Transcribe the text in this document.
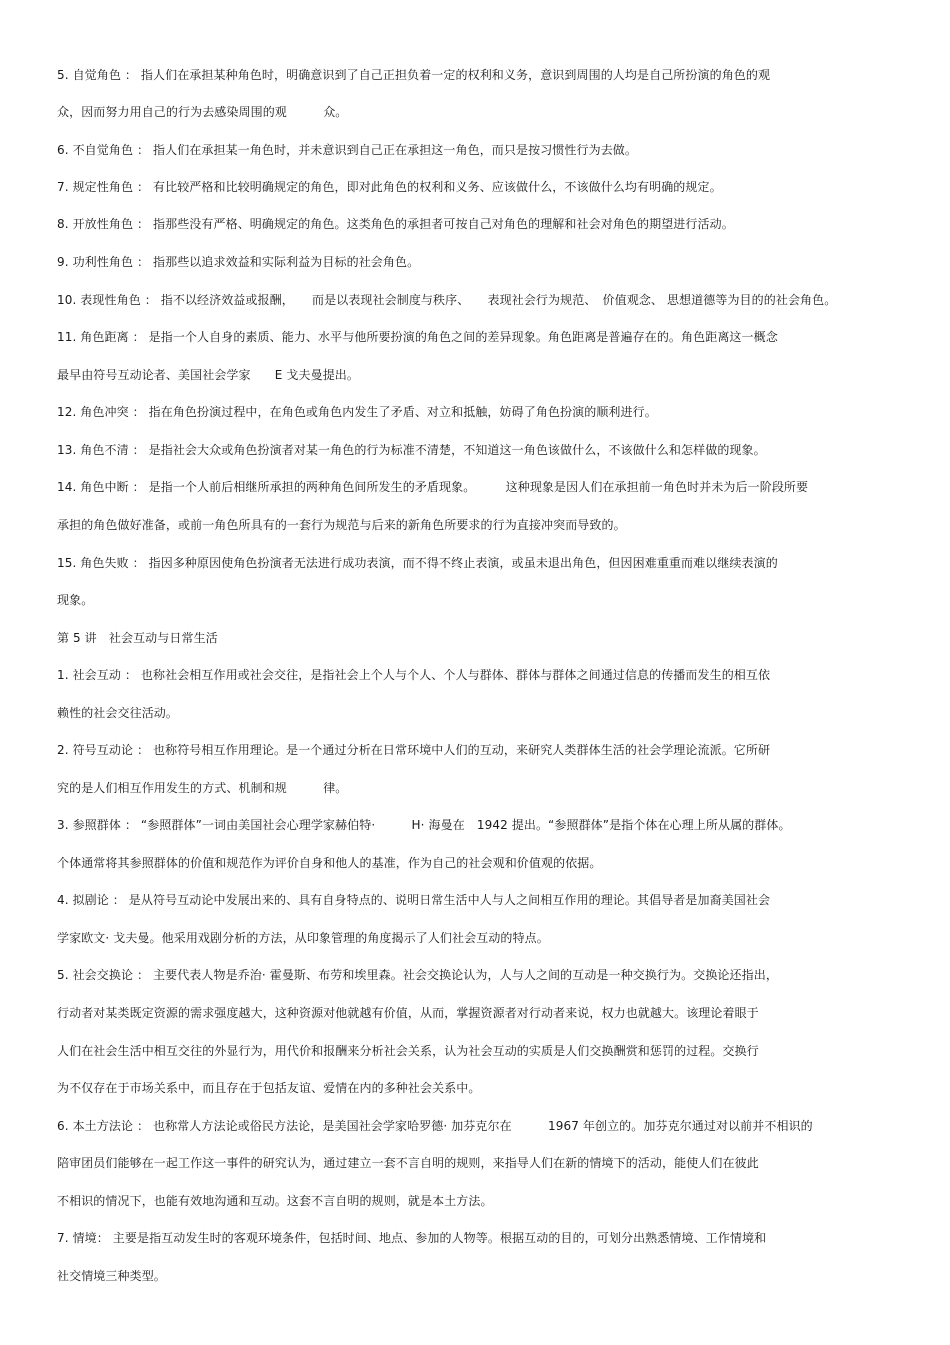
5. 自觉角色 ： 指人们在承担某种角色时，明确意识到了自己正担负着一定的权利和义务，意识到周围的人均是自己所扮演的角色的观
众，因而努力用自己的行为去感染周围的观　　　众。
6. 不自觉角色 ： 指人们在承担某一角色时，并未意识到自己正在承担这一角色，而只是按习惯性行为去做。
7. 规定性角色 ： 有比较严格和比较明确规定的角色，即对此角色的权利和义务、应该做什么，不该做什么均有明确的规定。
8. 开放性角色 ： 指那些没有严格、明确规定的角色。这类角色的承担者可按自己对角色的理解和社会对角色的期望进行活动。
9. 功利性角色 ： 指那些以追求效益和实际利益为目标的社会角色。
10. 表现性角色 ： 指不以经济效益或报酬，　　而是以表现社会制度与秩序、　　表现社会行为规范、　价值观念、 思想道德等为目的的社会角色。
11. 角色距离 ： 是指一个人自身的素质、能力、水平与他所要扮演的角色之间的差异现象。角色距离是普遍存在的。角色距离这一概念
最早由符号互动论者、美国社会学家　　E 戈夫曼提出。
12. 角色冲突 ： 指在角色扮演过程中，在角色或角色内发生了矛盾、对立和抵触，妨碍了角色扮演的顺利进行。
13. 角色不清 ： 是指社会大众或角色扮演者对某一角色的行为标准不清楚，不知道这一角色该做什么，不该做什么和怎样做的现象。
14. 角色中断 ： 是指一个人前后相继所承担的两种角色间所发生的矛盾现象。　　　这种现象是因人们在承担前一角色时并未为后一阶段所要
承担的角色做好准备，或前一角色所具有的一套行为规范与后来的新角色所要求的行为直接冲突而导致的。
15. 角色失败 ： 指因多种原因使角色扮演者无法进行成功表演，而不得不终止表演，或虽未退出角色，但因困难重重而难以继续表演的
现象。
第 5 讲　社会互动与日常生活
1. 社会互动 ： 也称社会相互作用或社会交往，是指社会上个人与个人、个人与群体、群体与群体之间通过信息的传播而发生的相互依
赖性的社会交往活动。
2. 符号互动论 ： 也称符号相互作用理论。是一个通过分析在日常环境中人们的互动，来研究人类群体生活的社会学理论流派。它所研
究的是人们相互作用发生的方式、机制和规　　　律。
3. 参照群体 ： “参照群体”一词由美国社会心理学家赫伯特·　　　H· 海曼在　1942 提出。“参照群体”是指个体在心理上所从属的群体。
个体通常将其参照群体的价值和规范作为评价自身和他人的基准，作为自己的社会观和价值观的依据。
4. 拟剧论 ： 是从符号互动论中发展出来的、具有自身特点的、说明日常生活中人与人之间相互作用的理论。其倡导者是加裔美国社会
学家欧文· 戈夫曼。他采用戏剧分析的方法，从印象管理的角度揭示了人们社会互动的特点。
5. 社会交换论 ： 主要代表人物是乔治· 霍曼斯、布劳和埃里森。社会交换论认为，人与人之间的互动是一种交换行为。交换论还指出，
行动者对某类既定资源的需求强度越大，这种资源对他就越有价值，从而，掌握资源者对行动者来说，权力也就越大。该理论着眼于
人们在社会生活中相互交往的外显行为，用代价和报酬来分析社会关系，认为社会互动的实质是人们交换酬赏和惩罚的过程。交换行
为不仅存在于市场关系中，而且存在于包括友谊、爱情在内的多种社会关系中。
6. 本土方法论 ： 也称常人方法论或俗民方法论，是美国社会学家哈罗德· 加芬克尔在　　　1967 年创立的。加芬克尔通过对以前并不相识的
陪审团员们能够在一起工作这一事件的研究认为，通过建立一套不言自明的规则，来指导人们在新的情境下的活动，能使人们在彼此
不相识的情况下，也能有效地沟通和互动。这套不言自明的规则，就是本土方法。
7. 情境： 主要是指互动发生时的客观环境条件，包括时间、地点、参加的人物等。根据互动的目的，可划分出熟悉情境、工作情境和
社交情境三种类型。
